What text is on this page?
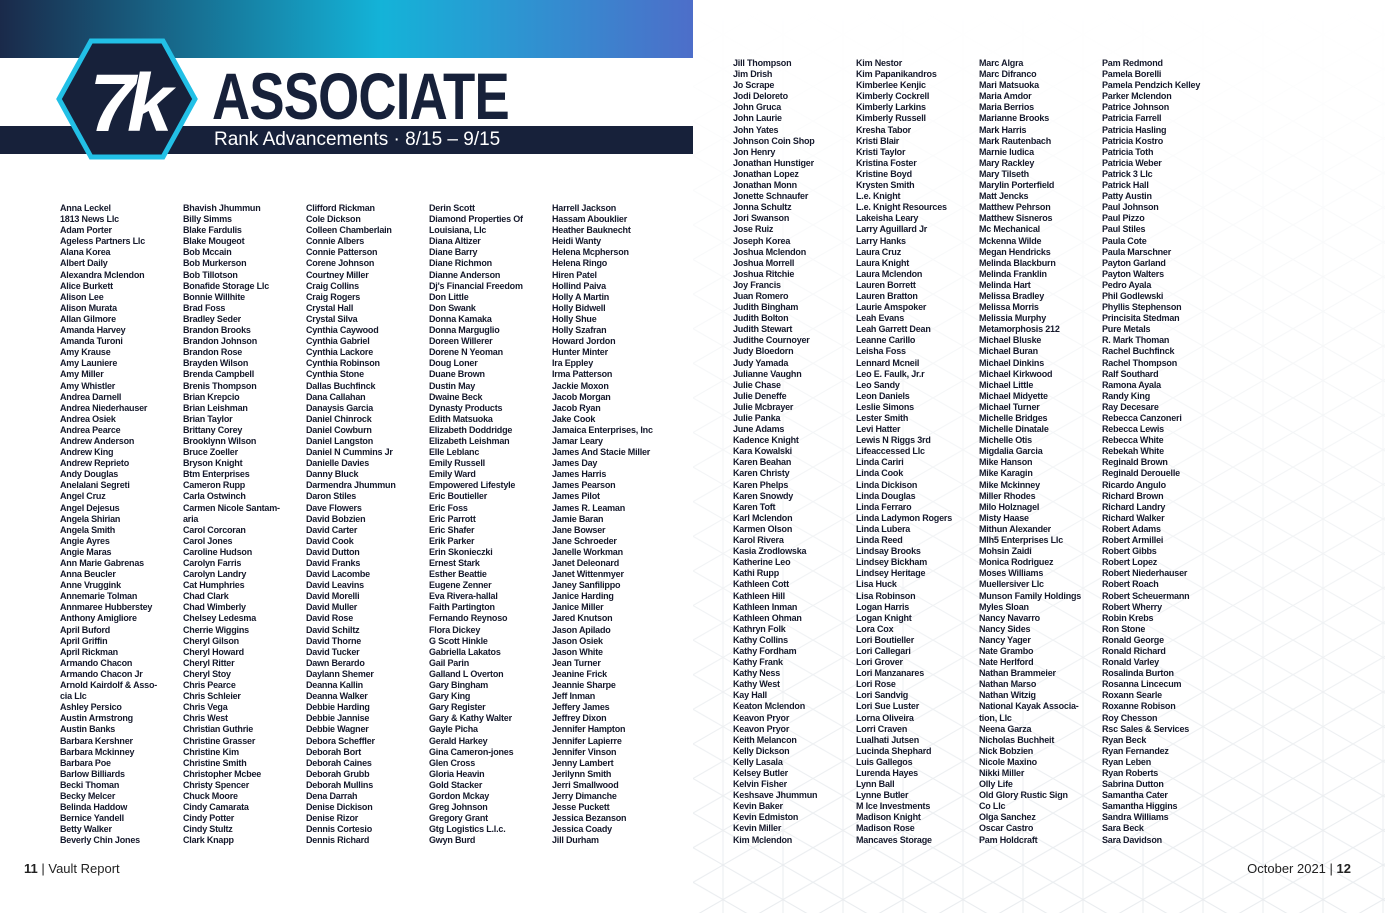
7k ASSOCIATE
Rank Advancements · 8/15 – 9/15
Anna Leckel
1813 News Llc
Adam Porter
Ageless Partners Llc
Alana Korea
Albert Daily
Alexandra Mclendon
Alice Burkett
Alison Lee
Alison Murata
Allan Gilmore
Amanda Harvey
Amanda Turoni
Amy Krause
Amy Launiere
Amy Miller
Amy Whistler
Andrea Darnell
Andrea Niederhauser
Andrea Osiek
Andrea Pearce
Andrew Anderson
Andrew King
Andrew Reprieto
Andy Douglas
Anelalani Segreti
Angel Cruz
Angel Dejesus
Angela Shirian
Angela Smith
Angie Ayres
Angie Maras
Ann Marie Gabrenas
Anna Beucler
Anne Vruggink
Annemarie Tolman
Annmaree Hubberstey
Anthony Amigliore
April Buford
April Griffin
April Rickman
Armando Chacon
Armando Chacon Jr
Arnold Kairdolf & Asso-
cia Llc
Ashley Persico
Austin Armstrong
Austin Banks
Barbara Kershner
Barbara Mckinney
Barbara Poe
Barlow Billiards
Becki Thoman
Becky Melcer
Belinda Haddow
Bernice Yandell
Betty Walker
Beverly Chin Jones
Bhavish Jhummun
Billy Simms
Blake Fardulis
Blake Mougeot
Bob Mccain
Bob Murkerson
Bob Tillotson
Bonafide Storage Llc
Bonnie Willhite
Brad Foss
Bradley Seder
Brandon Brooks
Brandon Johnson
Brandon Rose
Brayden Wilson
Brenda Campbell
Brenis Thompson
Brian Krepcio
Brian Leishman
Brian Taylor
Brittany Corey
Brooklynn Wilson
Bruce Zoeller
Bryson Knight
Btm Enterprises
Cameron Rupp
Carla Ostwinch
Carmen Nicole Santam-
aria
Carol Corcoran
Carol Jones
Caroline Hudson
Carolyn Farris
Carolyn Landry
Cat Humphries
Chad Clark
Chad Wimberly
Chelsey Ledesma
Cherrie Wiggins
Cheryl Gilson
Cheryl Howard
Cheryl Ritter
Cheryl Stoy
Chris Pearce
Chris Schleier
Chris Vega
Chris West
Christian Guthrie
Christine Grasser
Christine Kim
Christine Smith
Christopher Mcbee
Christy Spencer
Chuck Moore
Cindy Camarata
Cindy Potter
Cindy Stultz
Clark Knapp
Clifford Rickman
Cole Dickson
Colleen Chamberlain
Connie Albers
Connie Patterson
Corene Johnson
Courtney Miller
Craig Collins
Craig Rogers
Crystal Hall
Crystal Silva
Cynthia Caywood
Cynthia Gabriel
Cynthia Lackore
Cynthia Robinson
Cynthia Stone
Dallas Buchfinck
Dana Callahan
Danaysis Garcia
Daniel Chinrock
Daniel Cowburn
Daniel Langston
Daniel N Cummins Jr
Danielle Davies
Danny Bluck
Darmendra Jhummun
Daron Stiles
Dave Flowers
David Bobzien
David Carter
David Cook
David Dutton
David Franks
David Lacombe
David Leavins
David Morelli
David Muller
David Rose
David Schiltz
David Thorne
David Tucker
Dawn Berardo
Daylann Shemer
Deanna Kallin
Deanna Walker
Debbie Harding
Debbie Jannise
Debbie Wagner
Debora Scheffler
Deborah Bort
Deborah Caines
Deborah Grubb
Deborah Mullins
Dena Darrah
Denise Dickison
Denise Rizor
Dennis Cortesio
Dennis Richard
Derin Scott
Diamond Properties Of
Louisiana, Llc
Diana Altizer
Diane Barry
Diane Richmon
Dianne Anderson
Dj's Financial Freedom
Don Little
Don Swank
Donna Kamaka
Donna Marguglio
Doreen Willerer
Dorene N Yeoman
Doug Loner
Duane Brown
Dustin May
Dwaine Beck
Dynasty Products
Edith Matsuoka
Elizabeth Doddridge
Elizabeth Leishman
Elle Leblanc
Emily Russell
Emily Ward
Empowered Lifestyle
Eric Boutieller
Eric Foss
Eric Parrott
Eric Shafer
Erik Parker
Erin Skonieczki
Ernest Stark
Esther Beattie
Eugene Zenner
Eva Rivera-hallal
Faith Partington
Fernando Reynoso
Flora Dickey
G Scott Hinkle
Gabriella Lakatos
Gail Parin
Galland L Overton
Gary Bingham
Gary King
Gary Register
Gary & Kathy Walter
Gayle Picha
Gerald Harkey
Gina Cameron-jones
Glen Cross
Gloria Heavin
Gold Stacker
Gordon Mckay
Greg Johnson
Gregory Grant
Gtg Logistics L.l.c.
Gwyn Burd
Harrell Jackson
Hassam Abouklier
Heather Bauknecht
Heidi Wanty
Helena Mcpherson
Helena Ringo
Hiren Patel
Hollind Paiva
Holly A Martin
Holly Bidwell
Holly Shue
Holly Szafran
Howard Jordon
Hunter Minter
Ira Eppley
Irma Patterson
Jackie Moxon
Jacob Morgan
Jacob Ryan
Jake Cook
Jamaica Enterprises, Inc
Jamar Leary
James And Stacie Miller
James Day
James Harris
James Pearson
James Pilot
James R. Leaman
Jamie Baran
Jane Bowser
Jane Schroeder
Janelle Workman
Janet Deleonard
Janet Wittenmyer
Janey Sanfilippo
Janice Harding
Janice Miller
Jared Knutson
Jason Apilado
Jason Osiek
Jason White
Jean Turner
Jeanine Frick
Jeannie Sharpe
Jeff Inman
Jeffery James
Jeffrey Dixon
Jennifer Hampton
Jennifer Lapierre
Jennifer Vinson
Jenny Lambert
Jerilynn Smith
Jerri Smallwood
Jerry Dimanche
Jesse Puckett
Jessica Bezanson
Jessica Coady
Jill Durham
Jill Thompson
Jim Drish
Jo Scrape
Jodi Deloreto
John Gruca
John Laurie
John Yates
Johnson Coin Shop
Jon Henry
Jonathan Hunstiger
Jonathan Lopez
Jonathan Monn
Jonette Schnaufer
Jonna Schultz
Jori Swanson
Jose Ruiz
Joseph Korea
Joshua Mclendon
Joshua Morrell
Joshua Ritchie
Joy Francis
Juan Romero
Judith Bingham
Judith Bolton
Judith Stewart
Judithe Cournoyer
Judy Bloedorn
Judy Yamada
Julianne Vaughn
Julie Chase
Julie Deneffe
Julie Mcbrayer
Julie Panka
June Adams
Kadence Knight
Kara Kowalski
Karen Beahan
Karen Christy
Karen Phelps
Karen Snowdy
Karen Toft
Karl Mclendon
Karmen Olson
Karol Rivera
Kasia Zrodlowska
Katherine Leo
Kathi Rupp
Kathleen Cott
Kathleen Hill
Kathleen Inman
Kathleen Ohman
Kathryn Folk
Kathy Collins
Kathy Fordham
Kathy Frank
Kathy Ness
Kathy West
Kay Hall
Keaton Mclendon
Keavon Pryor
Keavon Pryor
Keith Melancon
Kelly Dickson
Kelly Lasala
Kelsey Butler
Kelvin Fisher
Keshsave Jhummun
Kevin Baker
Kevin Edmiston
Kevin Miller
Kim Mclendon
Kim Nestor
Kim Papanikandros
Kimberlee Kenjic
Kimberly Cockrell
Kimberly Larkins
Kimberly Russell
Kresha Tabor
Kristi Blair
Kristi Taylor
Kristina Foster
Kristine Boyd
Krysten Smith
L.e. Knight
L.e. Knight Resources
Lakeisha Leary
Larry Aguillard Jr
Larry Hanks
Laura Cruz
Laura Knight
Laura Mclendon
Lauren Borrett
Lauren Bratton
Laurie Amspoker
Leah Evans
Leah Garrett Dean
Leanne Carillo
Leisha Foss
Lennard Mcneil
Leo E. Faulk, Jr.r
Leo Sandy
Leon Daniels
Leslie Simons
Lester Smith
Levi Hatter
Lewis N Riggs 3rd
Lifeaccessed Llc
Linda Cariri
Linda Cook
Linda Dickison
Linda Douglas
Linda Ferraro
Linda Ladymon Rogers
Linda Lubera
Linda Reed
Lindsay Brooks
Lindsey Bickham
Lindsey Heritage
Lisa Huck
Lisa Robinson
Logan Harris
Logan Knight
Lora Cox
Lori Boutieller
Lori Callegari
Lori Grover
Lori Manzanares
Lori Rose
Lori Sandvig
Lori Sue Luster
Lorna Oliveira
Lorri Craven
Lualhati Jutsen
Lucinda Shephard
Luis Gallegos
Lurenda Hayes
Lynn Ball
Lynne Butler
M Ice Investments
Madison Knight
Madison Rose
Mancaves Storage
Marc Algra
Marc Difranco
Mari Matsuoka
Maria Amdor
Maria Berrios
Marianne Brooks
Mark Harris
Mark Rautenbach
Marnie Iudica
Mary Rackley
Mary Tilseth
Marylin Porterfield
Matt Jencks
Matthew Pehrson
Matthew Sisneros
Mc Mechanical
Mckenna Wilde
Megan Hendricks
Melinda Blackburn
Melinda Franklin
Melinda Hart
Melissa Bradley
Melissa Morris
Melissia Murphy
Metamorphosis 212
Michael Bluske
Michael Buran
Michael Dinkins
Michael Kirkwood
Michael Little
Michael Midyette
Michael Turner
Michelle Bridges
Michelle Dinatale
Michelle Otis
Migdalia Garcia
Mike Hanson
Mike Karagin
Mike Mckinney
Miller Rhodes
Milo Holznagel
Misty Haase
Mithun Alexander
Mlh5 Enterprises Llc
Mohsin Zaidi
Monica Rodriguez
Moses Williams
Muellersiver Llc
Munson Family Holdings
Myles Sloan
Nancy Navarro
Nancy Sides
Nancy Yager
Nate Grambo
Nate Herlford
Nathan Brammeier
Nathan Marso
Nathan Witzig
National Kayak Associa-
tion, Llc
Neena Garza
Nicholas Buchheit
Nick Bobzien
Nicole Maxino
Nikki Miller
Olly Life
Old Glory Rustic Sign
Co Llc
Olga Sanchez
Oscar Castro
Pam Holdcraft
Pam Redmond
Pamela Borelli
Pamela Pendzich Kelley
Parker Mclendon
Patrice Johnson
Patricia Farrell
Patricia Hasling
Patricia Kostro
Patricia Toth
Patricia Weber
Patrick 3 Llc
Patrick Hall
Patty Austin
Paul Johnson
Paul Pizzo
Paul Stiles
Paula Cote
Paula Marschner
Payton Garland
Payton Walters
Pedro Ayala
Phil Godlewski
Phyllis Stephenson
Princisita Stedman
Pure Metals
R. Mark Thoman
Rachel Buchfinck
Rachel Thompson
Ralf Southard
Ramona Ayala
Randy King
Ray Decesare
Rebecca Canzoneri
Rebecca Lewis
Rebecca White
Rebekah White
Reginald Brown
Reginald Derouelle
Ricardo Angulo
Richard Brown
Richard Landry
Richard Walker
Robert Adams
Robert Armillei
Robert Gibbs
Robert Lopez
Robert Niederhauser
Robert Roach
Robert Scheuermann
Robert Wherry
Robin Krebs
Ron Stone
Ronald George
Ronald Richard
Ronald Varley
Rosalinda Burton
Rosanna Lincecum
Roxann Searle
Roxanne Robison
Roy Chesson
Rsc Sales & Services
Ryan Beck
Ryan Fernandez
Ryan Leben
Ryan Roberts
Sabrina Dutton
Samantha Cater
Samantha Higgins
Sandra Williams
Sara Beck
Sara Davidson
11 | Vault Report	October 2021 | 12
